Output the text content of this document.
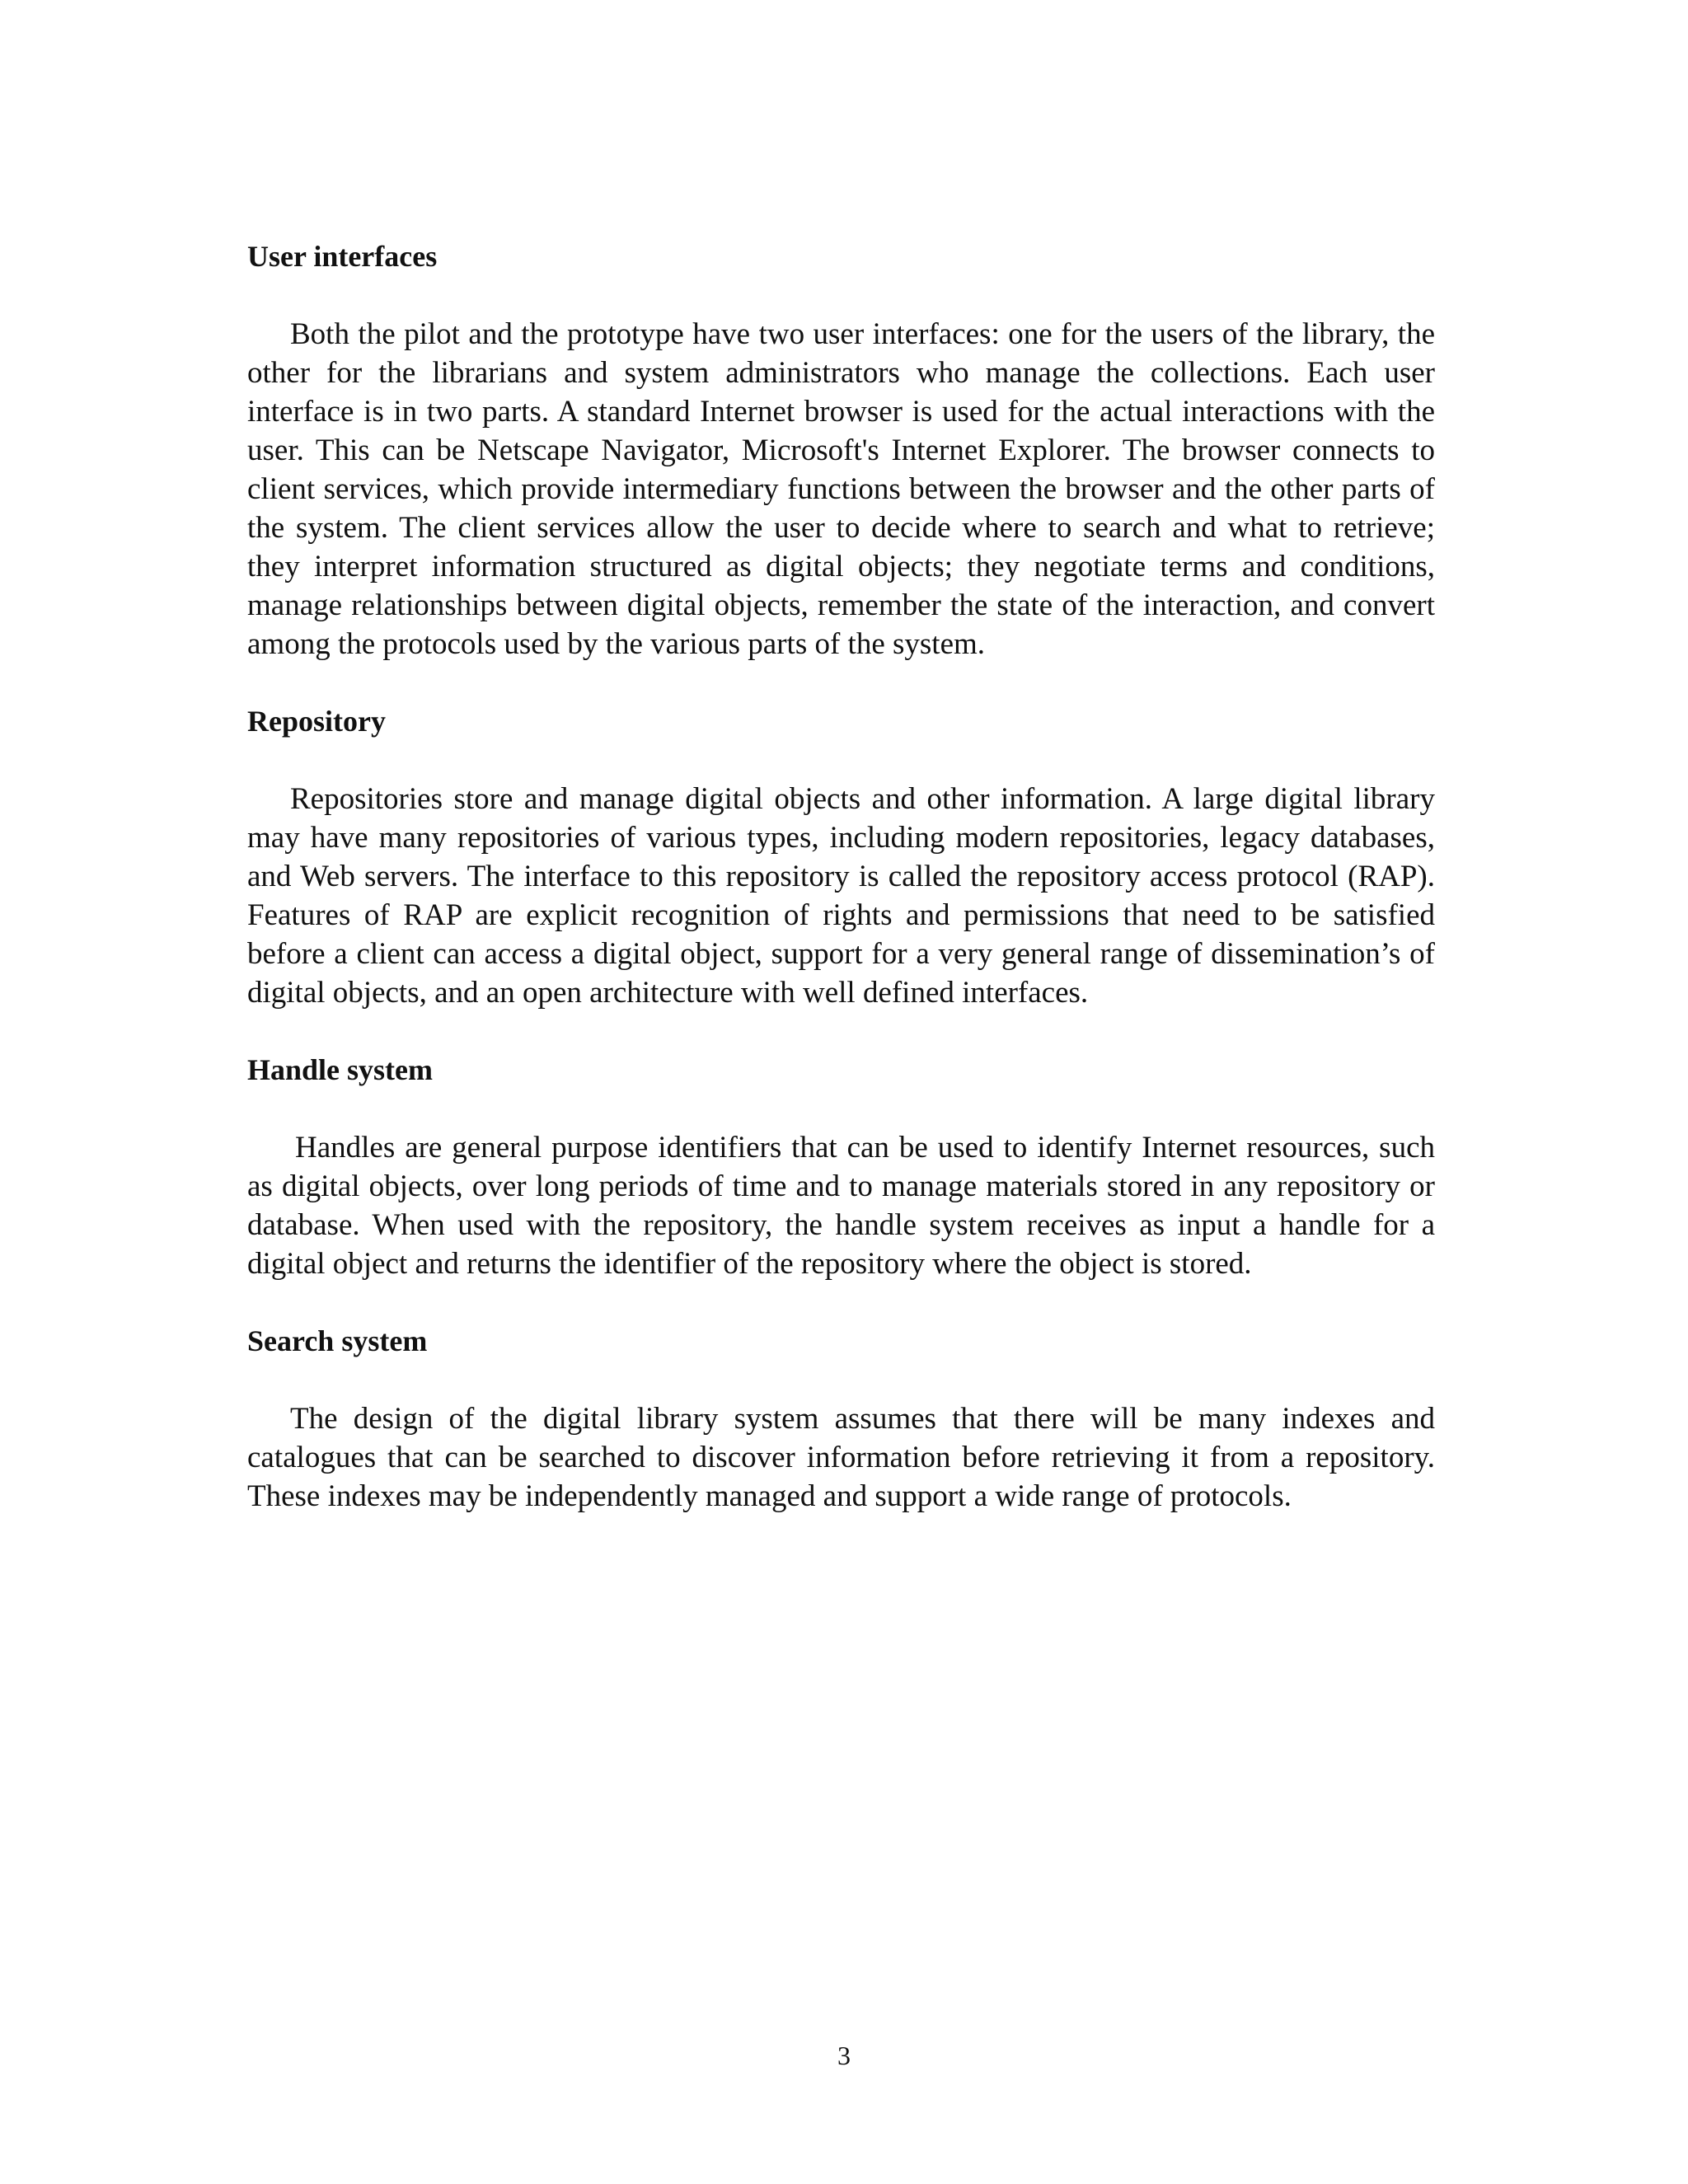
User interfaces

Both the pilot and the prototype have two user interfaces: one for the users of the library, the other for the librarians and system administrators who manage the collections. Each user interface is in two parts. A standard Internet browser is used for the actual interactions with the user. This can be Netscape Navigator, Microsoft's Internet Explorer. The browser connects to client services, which provide intermediary functions between the browser and the other parts of the system. The client services allow the user to decide where to search and what to retrieve; they interpret information structured as digital objects; they negotiate terms and conditions, manage relationships between digital objects, remember the state of the interaction, and convert among the protocols used by the various parts of the system.

Repository

Repositories store and manage digital objects and other information. A large digital library may have many repositories of various types, including modern repositories, legacy databases, and Web servers. The interface to this repository is called the repository access protocol (RAP). Features of RAP are explicit recognition of rights and permissions that need to be satisfied before a client can access a digital object, support for a very general range of dissemination’s of digital objects, and an open architecture with well defined interfaces.

Handle system

Handles are general purpose identifiers that can be used to identify Internet resources, such as digital objects, over long periods of time and to manage materials stored in any repository or database. When used with the repository, the handle system receives as input a handle for a digital object and returns the identifier of the repository where the object is stored.

Search system

The design of the digital library system assumes that there will be many indexes and catalogues that can be searched to discover information before retrieving it from a repository. These indexes may be independently managed and support a wide range of protocols.

3
